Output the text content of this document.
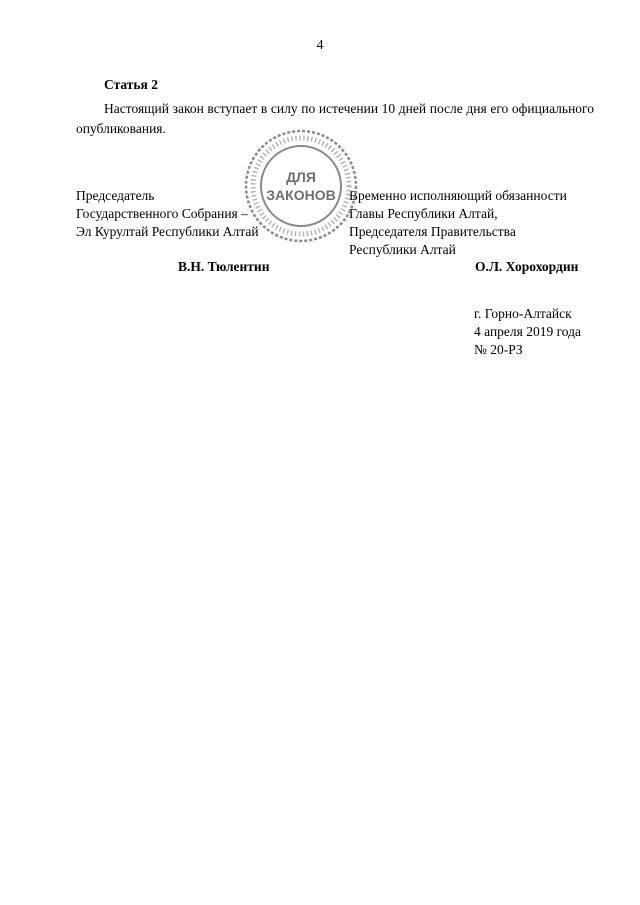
4
Статья 2
Настоящий закон вступает в силу по истечении 10 дней после дня его официального опубликования.
Председатель
Государственного Собрания –
Эл Курултай Республики Алтай
Временно исполняющий обязанности
Главы Республики Алтай,
Председателя Правительства
Республики Алтай
В.Н. Тюлентин	О.Л. Хорохордин
г. Горно-Алтайск
4 апреля 2019 года
№ 20-РЗ
ДЛЯ
ЗАКОНОВ
